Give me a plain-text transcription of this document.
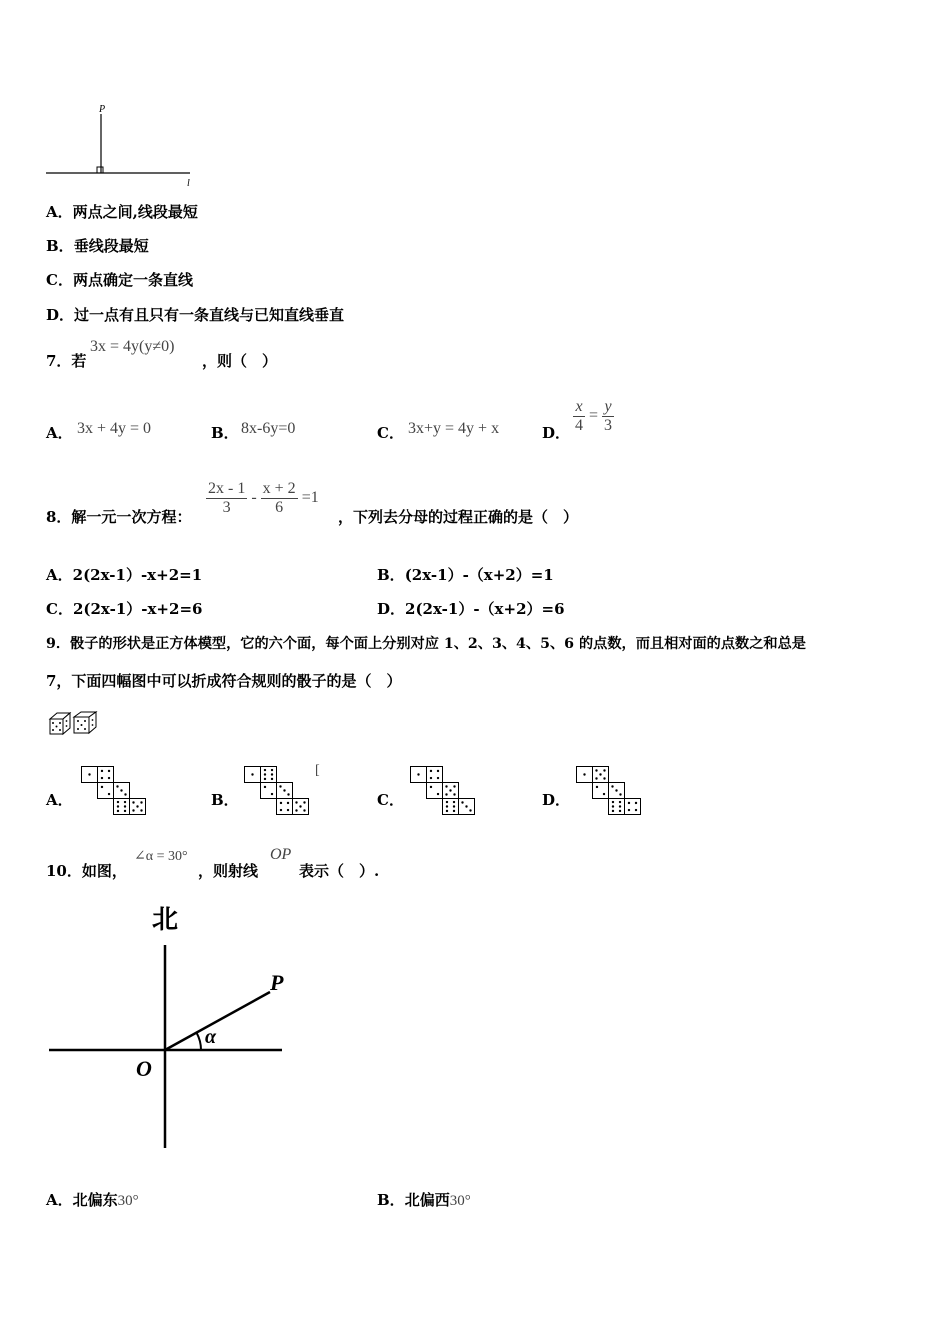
P
l
A．两点之间,线段最短
B．垂线段最短
C．两点确定一条直线
D．过一点有且只有一条直线与已知直线垂直
7．若
3x = 4y(y≠0)
，则（　）
A． 3x + 4y = 0	B． 8x-6y=0	C． 3x+y = 4y + x	D． $\frac{x}{4} = \frac{y}{3}$
8．解一元一次方程： $\frac{2x - 1}{3} - \frac{x + 2}{6} =1$
，下列去分母的过程正确的是（　）
A．2(2x-1）-x+2=1	B．(2x-1）-（x+2）=1
C．2(2x-1）-x+2=6	D．2(2x-1）-（x+2）=6
9．骰子的形状是正方体模型，它的六个面，每个面上分别对应 1、2、3、4、5、6 的点数，而且相对面的点数之和总是
7，下面四幅图中可以折成符合规则的骰子的是（　）
A．	B．
[
C．	D．
10．如图，
∠α = 30°
，则射线
OP
表示（　）.
北
P
O
α
A．北偏东30°	B．北偏西30°
